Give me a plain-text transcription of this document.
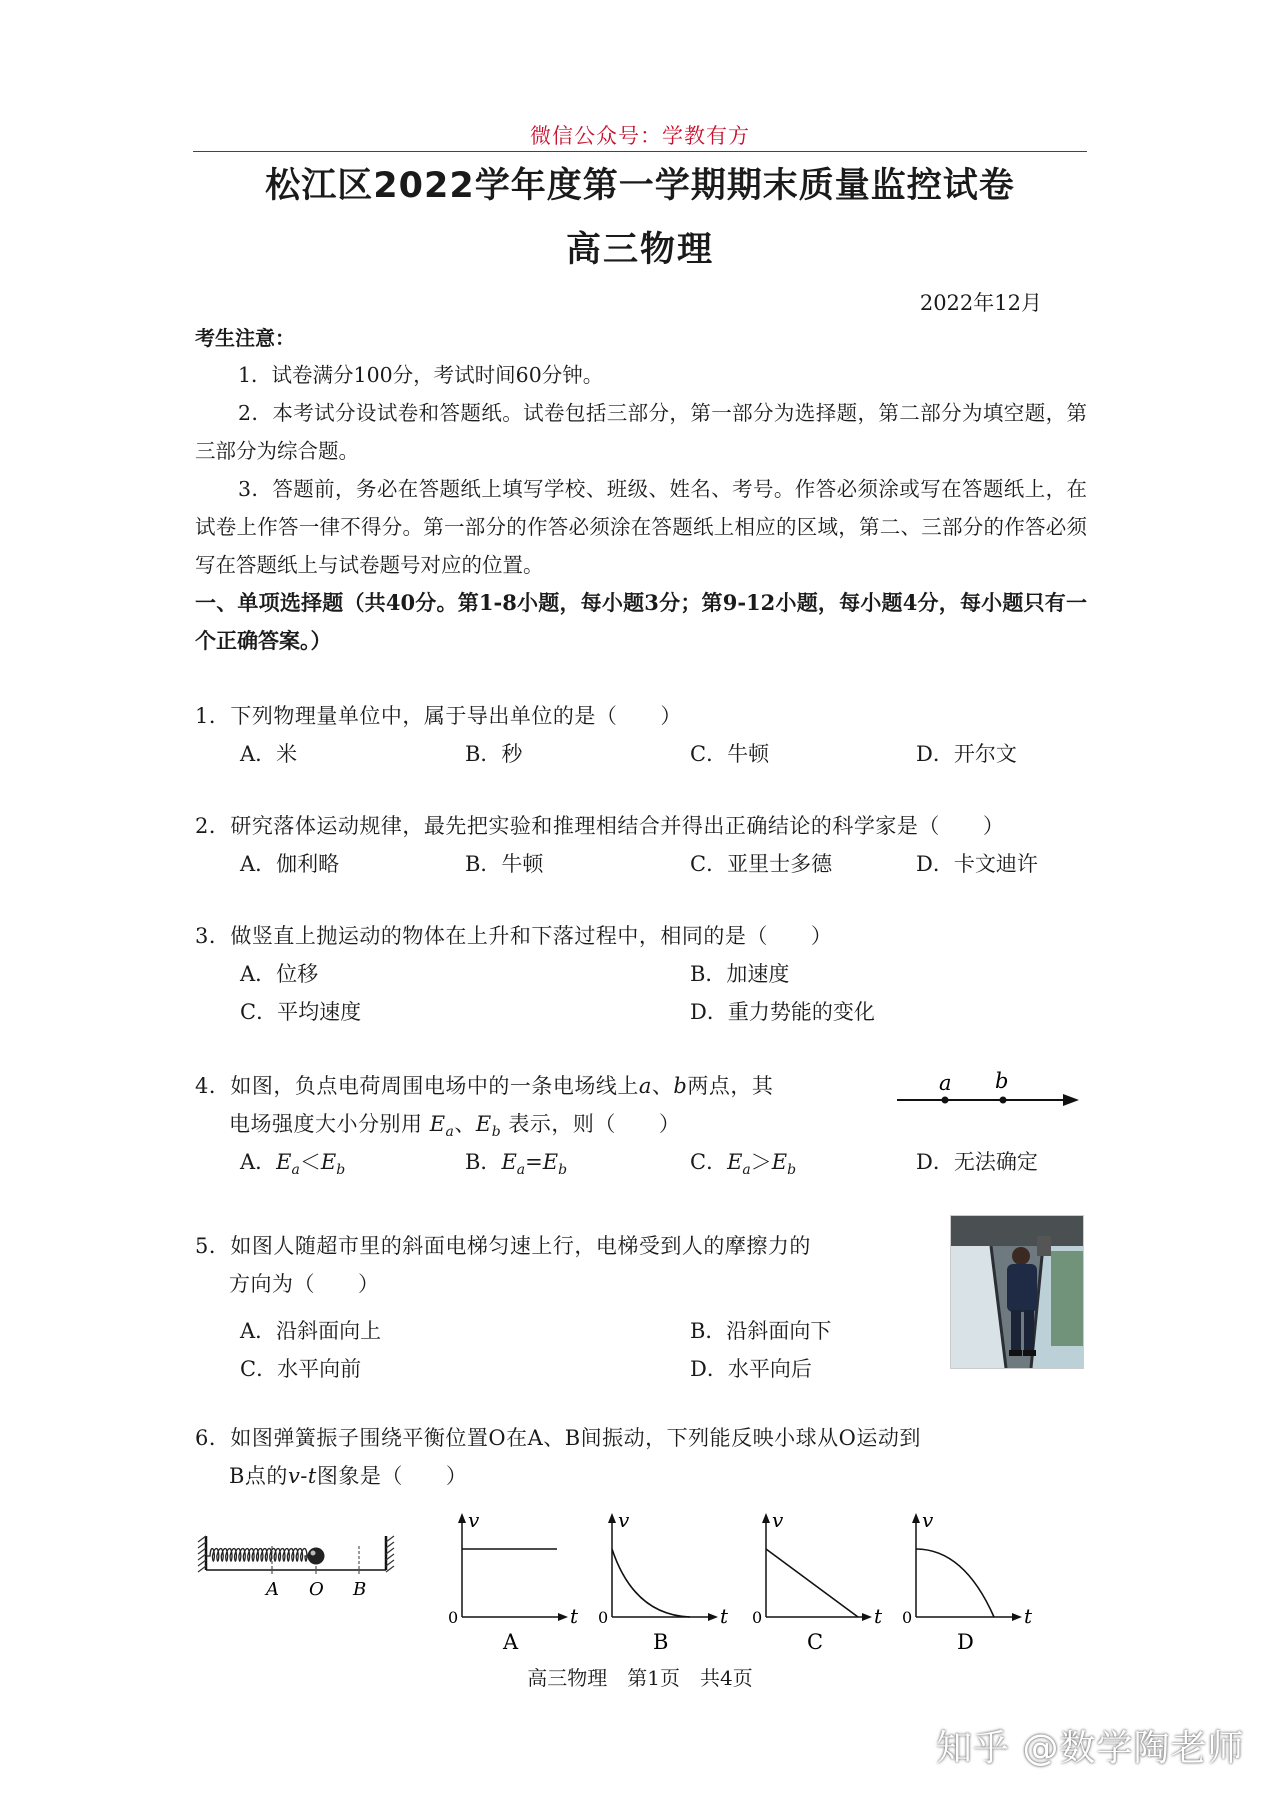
微信公众号：学教有方
松江区2022学年度第一学期期末质量监控试卷
高三物理
2022年12月
考生注意：
1．试卷满分100分，考试时间60分钟。
2．本考试分设试卷和答题纸。试卷包括三部分，第一部分为选择题，第二部分为填空题，第三部分为综合题。
3．答题前，务必在答题纸上填写学校、班级、姓名、考号。作答必须涂或写在答题纸上，在试卷上作答一律不得分。第一部分的作答必须涂在答题纸上相应的区域，第二、三部分的作答必须写在答题纸上与试卷题号对应的位置。
一、单项选择题（共40分。第1-8小题，每小题3分；第9-12小题，每小题4分，每小题只有一个正确答案。）
1．下列物理量单位中，属于导出单位的是（　　）
A．米	B．秒	C．牛顿	D．开尔文
2．研究落体运动规律，最先把实验和推理相结合并得出正确结论的科学家是（　　）
A．伽利略	B．牛顿	C．亚里士多德	D．卡文迪许
3．做竖直上抛运动的物体在上升和下落过程中，相同的是（　　）
A．位移	B．加速度
C．平均速度	D．重力势能的变化
4．如图，负点电荷周围电场中的一条电场线上a、b两点，其
电场强度大小分别用 $E_a$、$E_b$ 表示，则（　　）
A．$E_a<E_b$	B．$E_a=E_b$	C．$E_a>E_b$	D．无法确定
a b
5．如图人随超市里的斜面电梯匀速上行，电梯受到人的摩擦力的
方向为（　　）
A．沿斜面向上	B．沿斜面向下
C．水平向前	D．水平向后
6．如图弹簧振子围绕平衡位置O在A、B间振动，下列能反映小球从O运动到
B点的v-t图象是（　　）
A O B
v
t
0
A
v
t
0
B
v
t
0
C
v
t
0
D
高三物理　第1页　共4页
知乎 @数学陶老师
